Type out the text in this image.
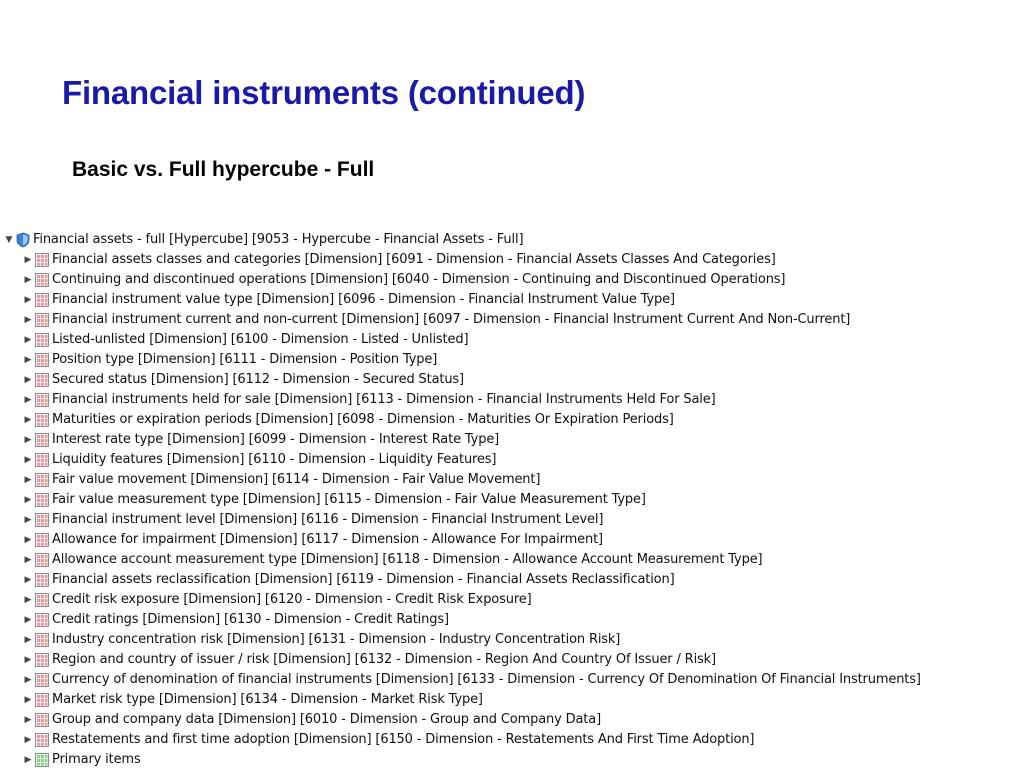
Financial instruments (continued)
Basic vs. Full hypercube - Full
▼ Financial assets - full [Hypercube] [9053 - Hypercube - Financial Assets - Full]
▶ Financial assets classes and categories [Dimension] [6091 - Dimension - Financial Assets Classes And Categories]
▶ Continuing and discontinued operations [Dimension] [6040 - Dimension - Continuing and Discontinued Operations]
▶ Financial instrument value type [Dimension] [6096 - Dimension - Financial Instrument Value Type]
▶ Financial instrument current and non-current [Dimension] [6097 - Dimension - Financial Instrument Current And Non-Current]
▶ Listed-unlisted [Dimension] [6100 - Dimension - Listed - Unlisted]
▶ Position type [Dimension] [6111 - Dimension - Position Type]
▶ Secured status [Dimension] [6112 - Dimension - Secured Status]
▶ Financial instruments held for sale [Dimension] [6113 - Dimension - Financial Instruments Held For Sale]
▶ Maturities or expiration periods [Dimension] [6098 - Dimension - Maturities Or Expiration Periods]
▶ Interest rate type [Dimension] [6099 - Dimension - Interest Rate Type]
▶ Liquidity features [Dimension] [6110 - Dimension - Liquidity Features]
▶ Fair value movement [Dimension] [6114 - Dimension - Fair Value Movement]
▶ Fair value measurement type [Dimension] [6115 - Dimension - Fair Value Measurement Type]
▶ Financial instrument level [Dimension] [6116 - Dimension - Financial Instrument Level]
▶ Allowance for impairment [Dimension] [6117 - Dimension - Allowance For Impairment]
▶ Allowance account measurement type [Dimension] [6118 - Dimension - Allowance Account Measurement Type]
▶ Financial assets reclassification [Dimension] [6119 - Dimension - Financial Assets Reclassification]
▶ Credit risk exposure [Dimension] [6120 - Dimension - Credit Risk Exposure]
▶ Credit ratings [Dimension] [6130 - Dimension - Credit Ratings]
▶ Industry concentration risk [Dimension] [6131 - Dimension - Industry Concentration Risk]
▶ Region and country of issuer / risk [Dimension] [6132 - Dimension - Region And Country Of Issuer / Risk]
▶ Currency of denomination of financial instruments [Dimension] [6133 - Dimension - Currency Of Denomination Of Financial Instruments]
▶ Market risk type [Dimension] [6134 - Dimension - Market Risk Type]
▶ Group and company data [Dimension] [6010 - Dimension - Group and Company Data]
▶ Restatements and first time adoption [Dimension] [6150 - Dimension - Restatements And First Time Adoption]
▶ Primary items
